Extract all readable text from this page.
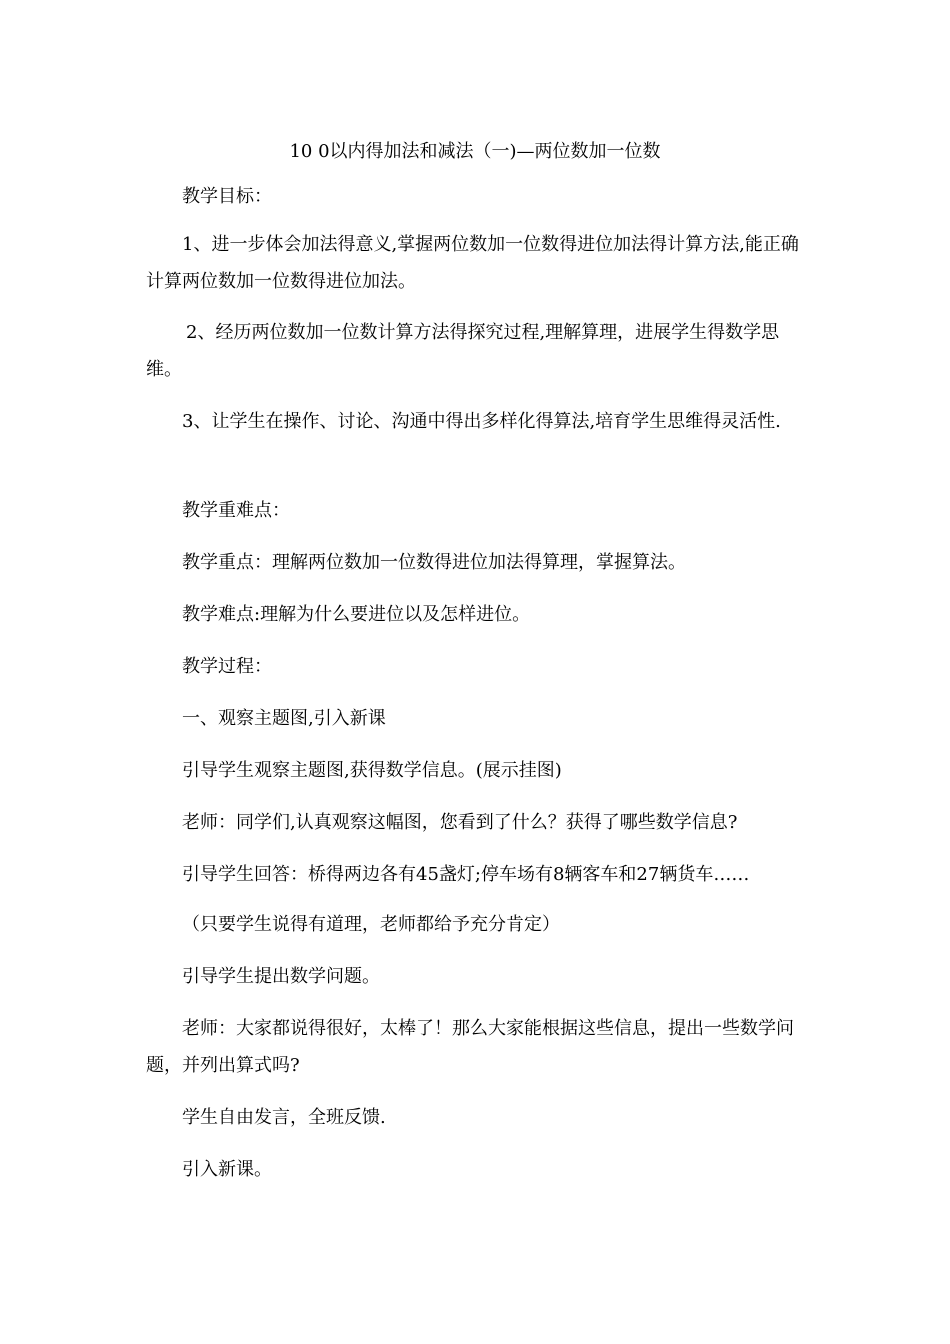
10 0以内得加法和减法（一)—两位数加一位数
教学目标：
1、进一步体会加法得意义,掌握两位数加一位数得进位加法得计算方法,能正确计算两位数加一位数得进位加法。
2、经历两位数加一位数计算方法得探究过程,理解算理，进展学生得数学思维。
3、让学生在操作、讨论、沟通中得出多样化得算法,培育学生思维得灵活性.
教学重难点：
教学重点：理解两位数加一位数得进位加法得算理，掌握算法。
教学难点:理解为什么要进位以及怎样进位。
教学过程：
一、观察主题图,引入新课
引导学生观察主题图,获得数学信息。(展示挂图)
老师：同学们,认真观察这幅图，您看到了什么？获得了哪些数学信息?
引导学生回答：桥得两边各有45盏灯;停车场有8辆客车和27辆货车……
（只要学生说得有道理，老师都给予充分肯定）
引导学生提出数学问题。
老师：大家都说得很好，太棒了！那么大家能根据这些信息，提出一些数学问题，并列出算式吗?
学生自由发言，全班反馈.
引入新课。
